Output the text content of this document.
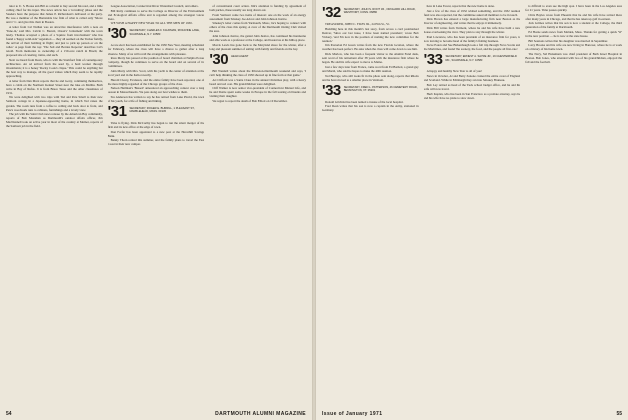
tutor to U. S. House ann Bill as a medal to buy second his read, and a little calling chief for his input. The news article has a 'recruiting' phase and the Steelers have the purpose that James P. Richardson's delivered at the party. He was a member of the Barnstable law firm of what is called only 'Shove and J.' C. and give this chair in Boston.

A letter from Cal Nathan was an attractive interference with a note on 'Tune-in,' said Mrs. Calvin C. Barrett, Orson's' 'retirement' with the town lately. Thomas accepted a photo of a Squirre from involvement' who has found a 'happy solid-side' vegetation — they all seemed on the Tucker family, the arrival of their hobbing in flight; and just to pick up person or on the roller.' A page from the top: 'The Salt and Berries Reporter' describes Cal's retold. From memories to ownership of a 150-acre ranch in Brazil, the proposed site of catering, trains, and such.

Next we heard from Dean, who is with the Stamford firm of contemporary architecture. An ad arrived from the seed by, a hard worker through investments; it is a honey 'Rocky Cook's clique.' This could be anything but the best way to manage, all the good values which they seem to be rapidly approaching.

A letter from Dan Marx reports that he and Gerry, continuing themselves, have a cabin on the Northern Kennel Street near the lake on Malibu. Both write in Bay of Rufus. It is from Bruce Tasse and the other classmates of 1931.

We were delighted with two trips with Tad and Pete Small to their new Sanborn cottage in a Japanese-appearing home, in which Tad raises the garden. The room runs from a coffee to ceiling and back door to front, and Pete's woodwork runs to cabinets, furnishings and a lovely view.

The job with the Saint Club news release by the American Bay community, reports of Bob Monahan as Dartmouth's outdoor affairs officer, Jim MacDonnell took an active year in most of the country at Meiner, reports of the Sanborn job in the field.

League Association, Connecticut River Watershed Council, and others.

Bill Ratty continues to serve the College as Director of the Environment and Ecological Affairs office and is regarded among the strongest voices there.

WE WISH A HAPPY NEW YEAR TO ALL THE MEN OF 1930.

'30 SECRETARY, CHARLES F. KAUFMAN, 38 RAVINE LANE, SCARSDALE, N.Y. 10583

A rare elect has been established for the 1930 New Year, meeting scheduled for February, where the class will have a chance to gather after a long absence. Many of us will recall the arrangements with pleasure.

Ross Merty has passed at the position of board chairman at Nalpha Power company, though he continues to serve on the board and on several of its committees.

John Murty with Mrs. Scott, with his yacht is the center of attention at the local yard and in the harbor nearby.

Harold Cleary, Evanston, and the entire family have been reported, one of the more highly-regarded of the Chicago groups of the class.

Nelson Heilman's 'Bassett' announced an approaching contest over a long season in Massachusetts. We pass along our best wishes to them.

Stu Anderson has written to say he has retired from Lake Placid, the town of his youth, for a life of fishing and hiking.

'31 SECRETARY, ROGER E. BURRILL, 1 PLEASANT ST., MARBLEHEAD, MASS. 01945

Time is flying. Dick McCarthy has begun to run the smart merger of the firm and its new office at the edge of town.

Don Forfar has been appointed to a new post at the Haverhill Savings Bank.

Benny Thorn retired this summer, and the family plans to travel the East Coast in their new camper.

of conventional court action. Jim's attention is funding by agreement of both parties, these usually are long drawn out.

From Vermont come two items of interest: one on the work of an energy assessment from Smokey Joe Adcox and John Johnson Justice.

Smokey's letter comes from Yarmouth, Mass.; he's hoping to connect with others of the class this spring. A crew of the Dartmouth Outing Club visited the area.

John Johnson Justice, the genial John Justice, has continued his handsome and able work as a professor at the College, and hosted us at his hilltop place.

Morris Lewis has gone back to the Maryland shore for the winter, after a long and pleasant summer of sailing with family and friends on the bay.

'30 HEAD AGENT

Bill Wendell writes about the Princeton-Dartmouth weekend and says, 'I can't help thinking the class of 1930 showed up in fine form at that game.'

Art Clifford was a Santa Claus in the annual Christmas play, with a heavy beard and red coat. His grandchildren were delighted.

Cliff Walker is now senior vice-president of Connecticut Mutual Life, and he and Dottie spent some weeks in Europe in the fall touring old haunts and visiting their daughter.

We regret to report the death of Bob Elliott on 10 December.

54	DARTMOUTH ALUMNI MAGAZINE
'32 SECRETARY, JOHN S. ROOT JR., ORCHARD HILL ROAD, WESTPORT, CONN. 06880

TREASURER, JOHN C. FILES JR., 24 Elm St., Vt.

Huddling here in this month's last story, from across a card postmarked Denver, 'Since our last issue, I have been named president,' wrote Bob Vickery, 'and I'm now in the position of naming the new committee for the reunion.'

Jim Pastorian Ed Green writes from the new Florida location, where the weather has been perfect. He asks when the class will come down to see him.

Dick Marlow, who has been a frequent visitor to the Alumni Fund desk, sent word of his retirement after 38 years with the insurance firm where he began. He and his wife expect to move to Maine.

Just a few days later from France, came word from Ed Bartlett, a grand guy and Marsh, who said he hopes to make the 40th reunion.

Ted Burrage, who still looks fit in the photo sent along, reports that Rhoda and he have moved to a smaller place in Vermont.

'33 SECRETARY, FRED L. PATTERSON, 46 CEMETERY ROAD, BENNINGTON, VT. 05201

Donald Gilchrist has been named a trustee of the local hospital.

Fred Dean writes that his son is now a captain in the Army, stationed in Germany.

here in Lake Forest, reports that the new home is done.

Just a few of the class of 1932 wished something, and the 1932 reunion fund was also reported, but the committee asked all members to be in touch.

Dick Brown has entered a large manufacturing firm near Boston as the director of engineering, and writes that he enjoys it immensely.

Dick Bill writes from Vermont, where he and his wife have built a new house overlooking the river. They plan to stay through the winter.

Paul Lawrence, who has been president of an insurance firm for years, is now leaving to become head of the family's fishing business.

Steve Eaton and Sue Birkenbaugh took a fall trip through Nova Scotia and the Maritimes, and found 'the scenery, the food, and the people all first-rate.'

'33 SECRETARY, ERNEST A. SAYRE JR., 19 CHESTERFIELD RD., SCARSDALE, N.Y. 10583

A happy and healthy New Year to all of you!

News in October, Al and Betty Zanone cruised the entire coast of England and Scotland. While in Edinburgh they ran into Smokey Bruneau.

Bob Ley retired as head of the Tuck school budget office, and he and his wife will now travel.

Herb Kaplan, who has been in San Francisco as a probate attorney, says he and his wife have no plans to slow down.

is difficult to even see the high spot. I have been in the Los Angeles area for 21 years. Time passes quickly.

Chris Bayles wrote from Phoenix that he and his wife have retired there after many years in Chicago, and that he has taken up golf in earnest.

Jack Grimes writes that his son is now a student at the College, the third generation of the family at Dartmouth.

Ed Horne sends news from Malden, Mass. Thanks for getting a quick 'W' in the new position — he is now at the state house.

Bill Sessions writes that his daughter was married in September.

Larry Brooks and his wife are now living in Hanover, where he is at work on a history of his home town.

The Navy, Sid Hansmann was chief president of Beth Israel Hospital in Boston. Bob Jones, who attended with two of his grandchildren, enjoyed the fall and the football.

Issue of January 1971	55
